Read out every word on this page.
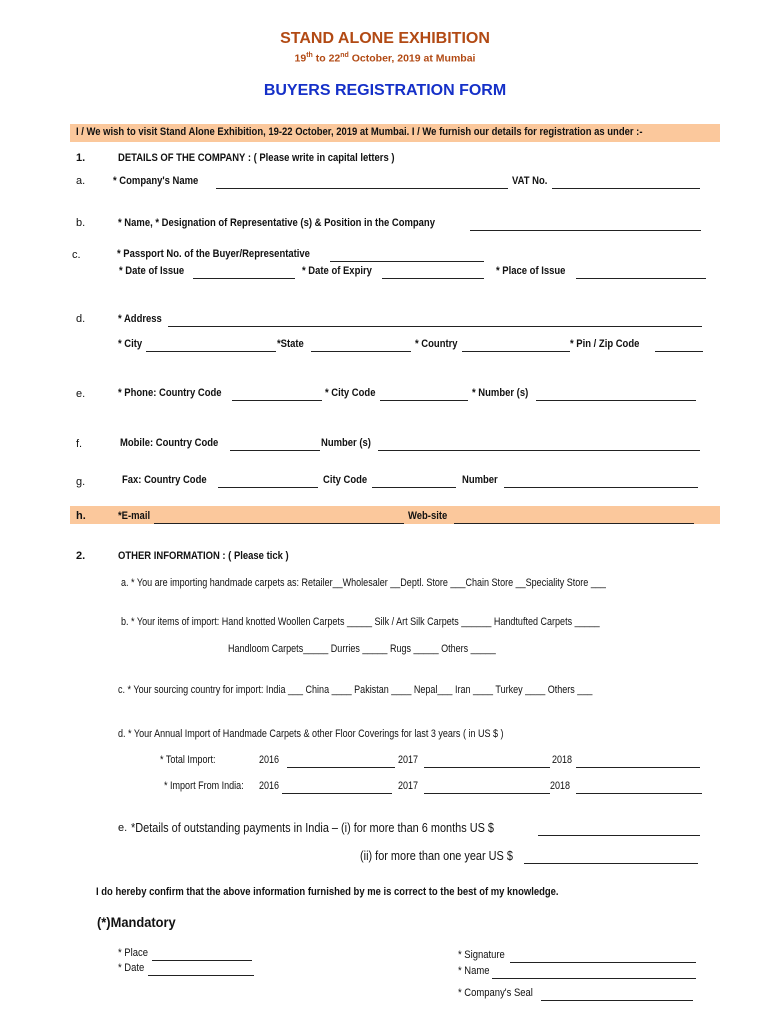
STAND ALONE EXHIBITION
19th to 22nd October, 2019 at Mumbai
BUYERS REGISTRATION FORM
I / We wish to visit Stand Alone Exhibition, 19-22 October, 2019 at Mumbai. I / We furnish our details for registration as under :-
1.	DETAILS OF THE COMPANY : ( Please write in capital letters )
a.	* Company's Name	VAT No.
b.	* Name, * Designation of Representative (s) & Position in the Company
c.	* Passport No. of the Buyer/Representative
* Date of Issue	* Date of Expiry	* Place of Issue
d.	* Address
* City	*State	* Country	* Pin / Zip Code
e.	* Phone: Country Code	* City Code	* Number (s)
f.	Mobile: Country Code	Number (s)
g.	Fax: Country Code	City Code	Number
h.	*E-mail	Web-site
2.	OTHER INFORMATION : ( Please tick )
a. * You are importing handmade carpets as: Retailer__Wholesaler __Deptl. Store ___Chain Store __Speciality Store ___
b. * Your items of import: Hand knotted Woollen Carpets _____ Silk / Art Silk Carpets ______ Handtufted Carpets _____
Handloom Carpets_____ Durries _____ Rugs _____ Others _____
c. * Your sourcing country for import: India ___ China ____ Pakistan ____ Nepal___ Iran ____ Turkey ____ Others ___
d. * Your Annual Import of Handmade Carpets & other Floor Coverings for last 3 years ( in US $ )
* Total Import:	2016	2017	2018
* Import From India:	2016	2017	2018
e. *Details of outstanding payments in India – (i) for more than 6 months US $
(ii) for more than one year US $
I do hereby confirm that the above information furnished by me is correct to the best of my knowledge.
(*)Mandatory
* Place
* Date
* Signature
* Name
* Company's Seal
